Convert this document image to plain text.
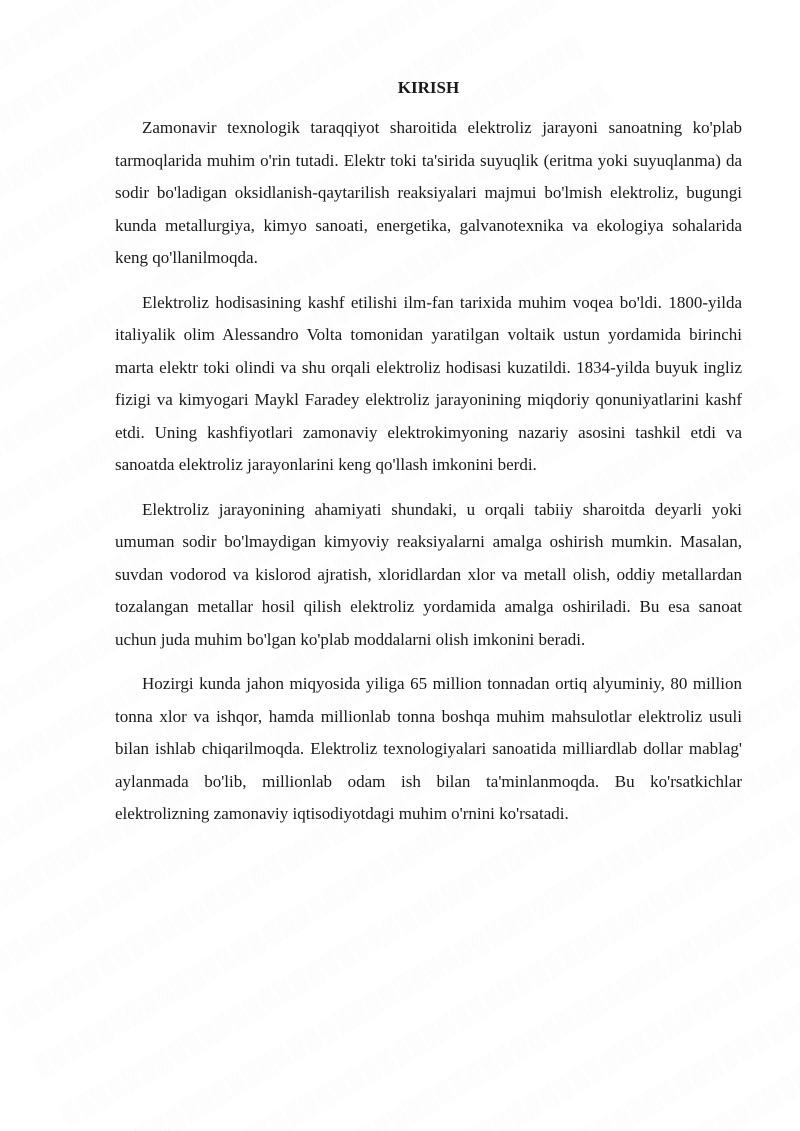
KIRISH

Zamonavir texnologik taraqqiyot sharoitida elektroliz jarayoni sanoatning ko'plab tarmoqlarida muhim o'rin tutadi. Elektr toki ta'sirida suyuqlik (eritma yoki suyuqlanma) da sodir bo'ladigan oksidlanish-qaytarilish reaksiyalari majmui bo'lmish elektroliz, bugungi kunda metallurgiya, kimyo sanoati, energetika, galvanotexnika va ekologiya sohalarida keng qo'llanilmoqda.

Elektroliz hodisasining kashf etilishi ilm-fan tarixida muhim voqea bo'ldi. 1800-yilda italiyalik olim Alessandro Volta tomonidan yaratilgan voltaik ustun yordamida birinchi marta elektr toki olindi va shu orqali elektroliz hodisasi kuzatildi. 1834-yilda buyuk ingliz fizigi va kimyogari Maykl Faradey elektroliz jarayonining miqdoriy qonuniyatlarini kashf etdi. Uning kashfiyotlari zamonaviy elektrokimyoning nazariy asosini tashkil etdi va sanoatda elektroliz jarayonlarini keng qo'llash imkonini berdi.

Elektroliz jarayonining ahamiyati shundaki, u orqali tabiiy sharoitda deyarli yoki umuman sodir bo'lmaydigan kimyoviy reaksiyalarni amalga oshirish mumkin. Masalan, suvdan vodorod va kislorod ajratish, xloridlardan xlor va metall olish, oddiy metallardan tozalangan metallar hosil qilish elektroliz yordamida amalga oshiriladi. Bu esa sanoat uchun juda muhim bo'lgan ko'plab moddalarni olish imkonini beradi.

Hozirgi kunda jahon miqyosida yiliga 65 million tonnadan ortiq alyuminiy, 80 million tonna xlor va ishqor, hamda millionlab tonna boshqa muhim mahsulotlar elektroliz usuli bilan ishlab chiqarilmoqda. Elektroliz texnologiyalari sanoatida milliardlab dollar mablag' aylanmada bo'lib, millionlab odam ish bilan ta'minlanmoqda. Bu ko'rsatkichlar elektrolizning zamonaviy iqtisodiyotdagi muhim o'rnini ko'rsatadi.
